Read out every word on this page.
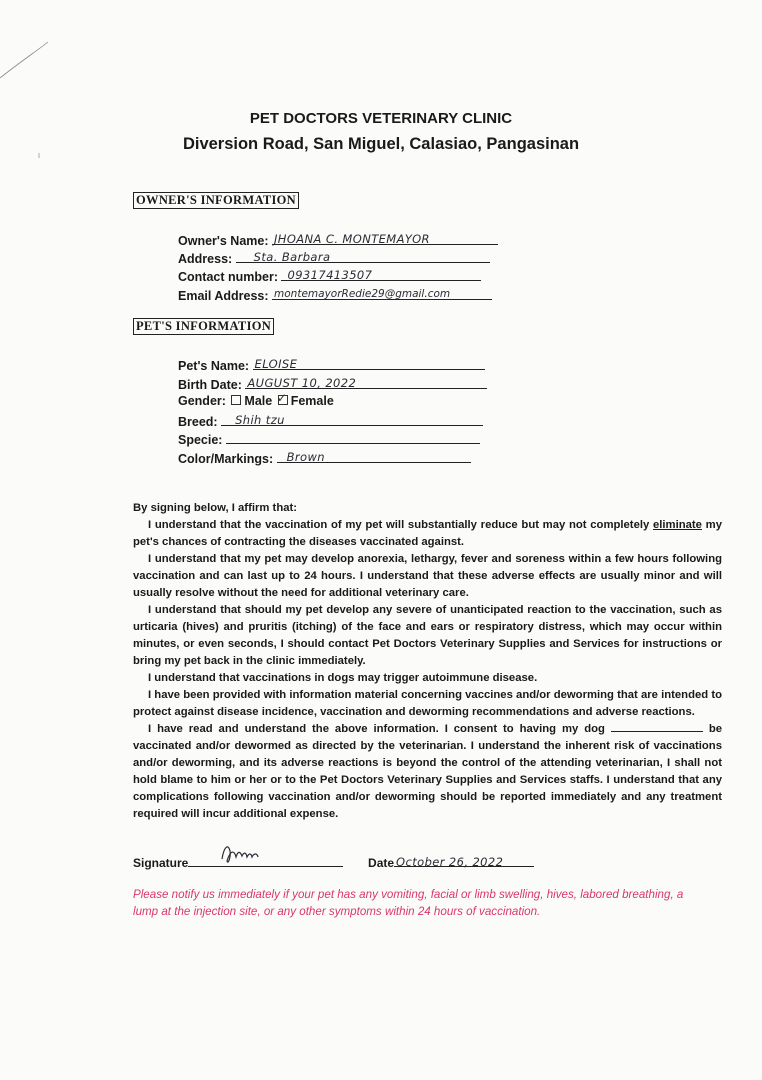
ι
PET DOCTORS VETERINARY CLINIC
Diversion Road, San Miguel, Calasiao, Pangasinan
OWNER'S INFORMATION
Owner's Name: JHOANA C. MONTEMAYOR
Address: Sta. Barbara
Contact number: 09317413507
Email Address: montemayorRedie29@gmail.com
PET'S INFORMATION
Pet's Name: ELOISE
Birth Date: AUGUST 10, 2022
Gender: Male ✓ Female
Breed: Shih tzu
Specie:
Color/Markings: Brown

By signing below, I affirm that:

I understand that the vaccination of my pet will substantially reduce but may not completely eliminate my pet's chances of contracting the diseases vaccinated against.

I understand that my pet may develop anorexia, lethargy, fever and soreness within a few hours following vaccination and can last up to 24 hours. I understand that these adverse effects are usually minor and will usually resolve without the need for additional veterinary care.

I understand that should my pet develop any severe of unanticipated reaction to the vaccination, such as urticaria (hives) and pruritis (itching) of the face and ears or respiratory distress, which may occur within minutes, or even seconds, I should contact Pet Doctors Veterinary Supplies and Services for instructions or bring my pet back in the clinic immediately.

I understand that vaccinations in dogs may trigger autoimmune disease.

I have been provided with information material concerning vaccines and/or deworming that are intended to protect against disease incidence, vaccination and deworming recommendations and adverse reactions.

I have read and understand the above information. I consent to having my dog	be vaccinated and/or dewormed as directed by the veterinarian. I understand the inherent risk of vaccinations and/or deworming, and its adverse reactions is beyond the control of the attending veterinarian, I shall not hold blame to him or her or to the Pet Doctors Veterinary Supplies and Services staffs. I understand that any complications following vaccination and/or deworming should be reported immediately and any treatment required will incur additional expense.

Signature	Date October 26, 2022
Please notify us immediately if your pet has any vomiting, facial or limb swelling, hives, labored breathing, a lump at the injection site, or any other symptoms within 24 hours of vaccination.
